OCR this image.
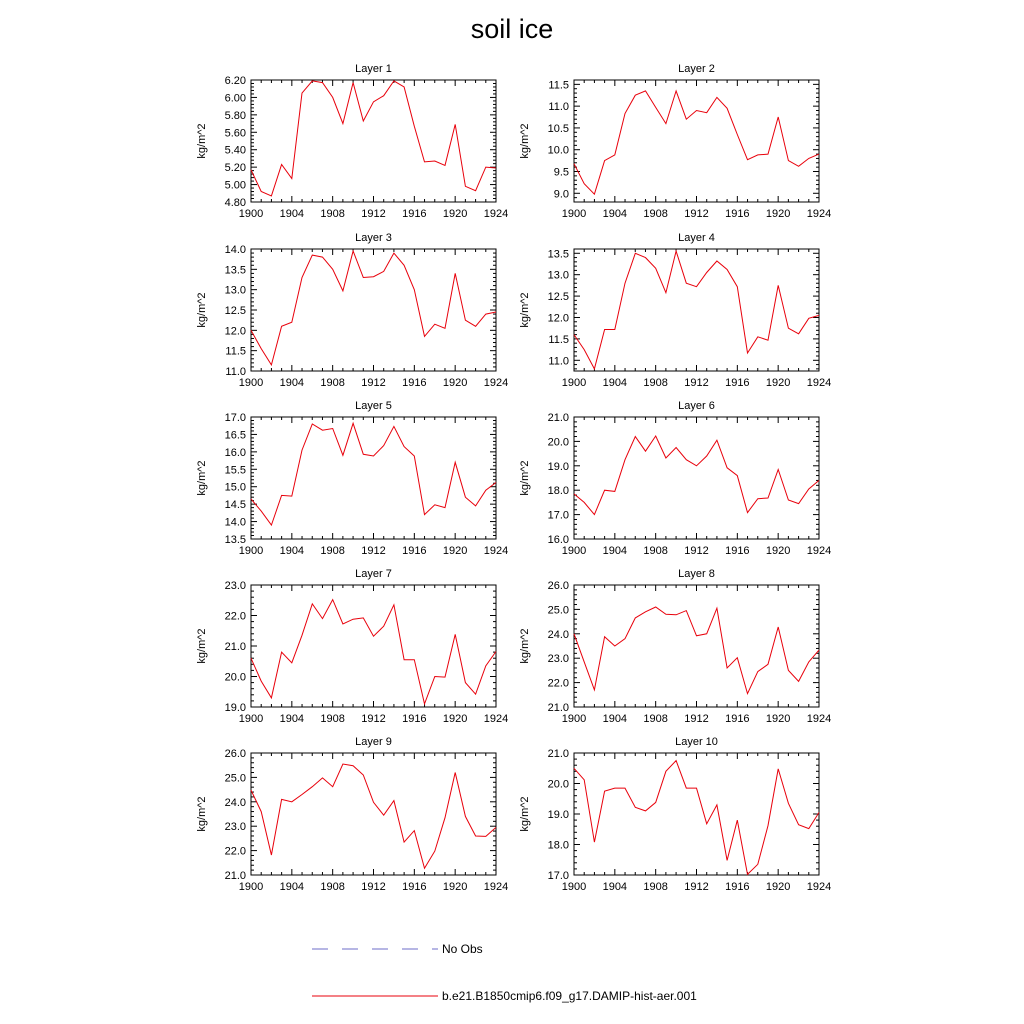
soil ice
Layer 1
kg/m^2
1900 1904 1908 1912 1916 1920 1924
4.80
5.00
5.20
5.40
5.60
5.80
6.00
6.20
Layer 2
kg/m^2
1900 1904 1908 1912 1916 1920 1924
9.0
9.5
10.0
10.5
11.0
11.5
Layer 3
kg/m^2
1900 1904 1908 1912 1916 1920 1924
11.0
11.5
12.0
12.5
13.0
13.5
14.0
Layer 4
kg/m^2
1900 1904 1908 1912 1916 1920 1924
11.0
11.5
12.0
12.5
13.0
13.5
Layer 5
kg/m^2
1900 1904 1908 1912 1916 1920 1924
13.5
14.0
14.5
15.0
15.5
16.0
16.5
17.0
Layer 6
kg/m^2
1900 1904 1908 1912 1916 1920 1924
16.0
17.0
18.0
19.0
20.0
21.0
Layer 7
kg/m^2
1900 1904 1908 1912 1916 1920 1924
19.0
20.0
21.0
22.0
23.0
Layer 8
kg/m^2
1900 1904 1908 1912 1916 1920 1924
21.0
22.0
23.0
24.0
25.0
26.0
Layer 9
kg/m^2
1900 1904 1908 1912 1916 1920 1924
21.0
22.0
23.0
24.0
25.0
26.0
Layer 10
kg/m^2
1900 1904 1908 1912 1916 1920 1924
17.0
18.0
19.0
20.0
21.0
No Obs
b.e21.B1850cmip6.f09_g17.DAMIP-hist-aer.001
